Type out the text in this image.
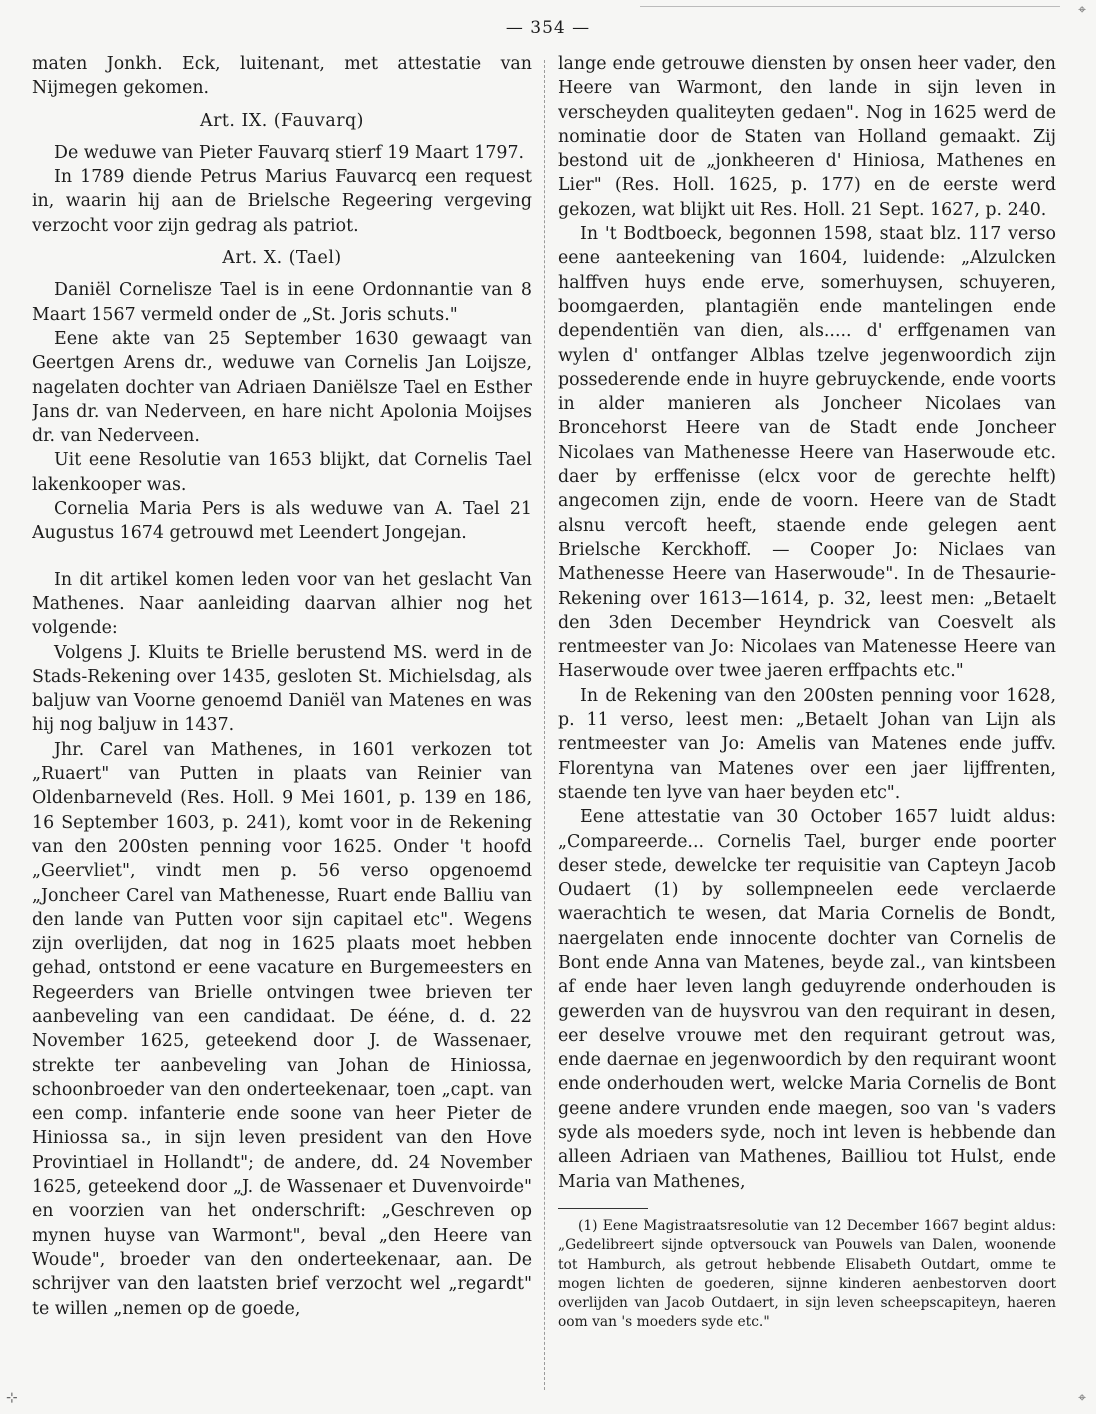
⌖
⊹	⌖
— 354 —

maten Jonkh. Eck, luitenant, met attestatie van Nijmegen gekomen.

Art. IX. (Fauvarq)

De weduwe van Pieter Fauvarq stierf 19 Maart 1797.

In 1789 diende Petrus Marius Fauvarcq een request in, waarin hij aan de Brielsche Regeering vergeving verzocht voor zijn gedrag als patriot.

Art. X. (Tael)

Daniël Cornelisze Tael is in eene Ordonnantie van 8 Maart 1567 vermeld onder de „St. Joris schuts."

Eene akte van 25 September 1630 gewaagt van Geertgen Arens dr., weduwe van Cornelis Jan Loijsze, nagelaten dochter van Adriaen Daniëlsze Tael en Esther Jans dr. van Nederveen, en hare nicht Apolonia Moijses dr. van Nederveen.

Uit eene Resolutie van 1653 blijkt, dat Cornelis Tael lakenkooper was.

Cornelia Maria Pers is als weduwe van A. Tael 21 Augustus 1674 getrouwd met Leendert Jongejan.

In dit artikel komen leden voor van het geslacht Van Mathenes. Naar aanleiding daarvan alhier nog het volgende:

Volgens J. Kluits te Brielle berustend MS. werd in de Stads-Rekening over 1435, gesloten St. Michielsdag, als baljuw van Voorne genoemd Daniël van Matenes en was hij nog baljuw in 1437.

Jhr. Carel van Mathenes, in 1601 verkozen tot „Ruaert" van Putten in plaats van Reinier van Oldenbarneveld (Res. Holl. 9 Mei 1601, p. 139 en 186, 16 September 1603, p. 241), komt voor in de Rekening van den 200sten penning voor 1625. Onder 't hoofd „Geervliet", vindt men p. 56 verso opgenoemd „Joncheer Carel van Mathenesse, Ruart ende Balliu van den lande van Putten voor sijn capitael etc". Wegens zijn overlijden, dat nog in 1625 plaats moet hebben gehad, ontstond er eene vacature en Burgemeesters en Regeerders van Brielle ontvingen twee brieven ter aanbeveling van een candidaat. De ééne, d. d. 22 November 1625, geteekend door J. de Wassenaer, strekte ter aanbeveling van Johan de Hiniossa, schoonbroeder van den onderteekenaar, toen „capt. van een comp. infanterie ende soone van heer Pieter de Hiniossa sa., in sijn leven president van den Hove Provintiael in Hollandt"; de andere, dd. 24 November 1625, geteekend door „J. de Wassenaer et Duvenvoirde" en voorzien van het onderschrift: „Geschreven op mynen huyse van Warmont", beval „den Heere van Woude", broeder van den onderteekenaar, aan. De schrijver van den laatsten brief verzocht wel „regardt" te willen „nemen op de goede,

lange ende getrouwe diensten by onsen heer vader, den Heere van Warmont, den lande in sijn leven in verscheyden qualiteyten gedaen". Nog in 1625 werd de nominatie door de Staten van Holland gemaakt. Zij bestond uit de „jonkheeren d' Hiniosa, Mathenes en Lier" (Res. Holl. 1625, p. 177) en de eerste werd gekozen, wat blijkt uit Res. Holl. 21 Sept. 1627, p. 240.

In 't Bodtboeck, begonnen 1598, staat blz. 117 verso eene aanteekening van 1604, luidende: „Alzulcken halffven huys ende erve, somerhuysen, schuyeren, boomgaerden, plantagiën ende mantelingen ende dependentiën van dien, als..... d' erffgenamen van wylen d' ontfanger Alblas tzelve jegenwoordich zijn possederende ende in huyre gebruyckende, ende voorts in alder manieren als Joncheer Nicolaes van Broncehorst Heere van de Stadt ende Joncheer Nicolaes van Mathenesse Heere van Haserwoude etc. daer by erffenisse (elcx voor de gerechte helft) angecomen zijn, ende de voorn. Heere van de Stadt alsnu vercoft heeft, staende ende gelegen aent Brielsche Kerckhoff. — Cooper Jo: Niclaes van Mathenesse Heere van Haserwoude". In de Thesaurie-Rekening over 1613—1614, p. 32, leest men: „Betaelt den 3den December Heyndrick van Coesvelt als rentmeester van Jo: Nicolaes van Matenesse Heere van Haserwoude over twee jaeren erffpachts etc."

In de Rekening van den 200sten penning voor 1628, p. 11 verso, leest men: „Betaelt Johan van Lijn als rentmeester van Jo: Amelis van Matenes ende juffv. Florentyna van Matenes over een jaer lijffrenten, staende ten lyve van haer beyden etc".

Eene attestatie van 30 October 1657 luidt aldus: „Compareerde... Cornelis Tael, burger ende poorter deser stede, dewelcke ter requisitie van Capteyn Jacob Oudaert (1) by sollempneelen eede verclaerde waerachtich te wesen, dat Maria Cornelis de Bondt, naergelaten ende innocente dochter van Cornelis de Bont ende Anna van Matenes, beyde zal., van kintsbeen af ende haer leven langh geduyrende onderhouden is gewerden van de huysvrou van den requirant in desen, eer deselve vrouwe met den requirant getrout was, ende daernae en jegenwoordich by den requirant woont ende onderhouden wert, welcke Maria Cornelis de Bont geene andere vrunden ende maegen, soo van 's vaders syde als moeders syde, noch int leven is hebbende dan alleen Adriaen van Mathenes, Bailliou tot Hulst, ende Maria van Mathenes,

(1) Eene Magistraatsresolutie van 12 December 1667 begint aldus: „Gedelibreert sijnde optversouck van Pouwels van Dalen, woonende tot Hamburch, als getrout hebbende Elisabeth Outdart, omme te mogen lichten de goederen, sijnne kinderen aenbestorven doort overlijden van Jacob Outdaert, in sijn leven scheepscapiteyn, haeren oom van 's moeders syde etc."
